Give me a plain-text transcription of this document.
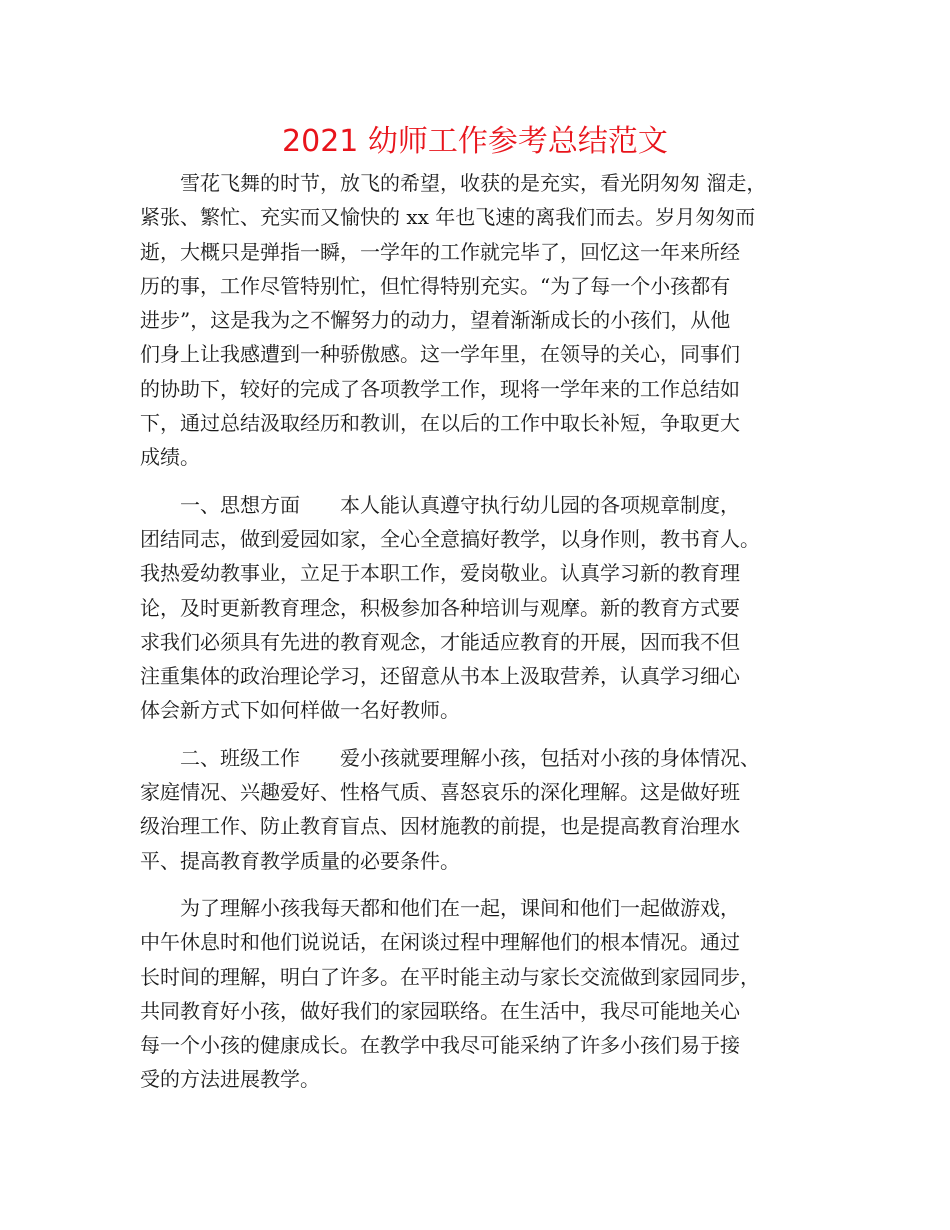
2021 幼师工作参考总结范文
　　雪花飞舞的时节，放飞的希望，收获的是充实，看光阴匆匆 溜走，
紧张、繁忙、充实而又愉快的 xx 年也飞速的离我们而去。岁月匆匆而
逝，大概只是弹指一瞬，一学年的工作就完毕了，回忆这一年来所经
历的事，工作尽管特别忙，但忙得特别充实。“为了每一个小孩都有
进步”，这是我为之不懈努力的动力，望着渐渐成长的小孩们，从他
们身上让我感遭到一种骄傲感。这一学年里，在领导的关心，同事们
的协助下，较好的完成了各项教学工作，现将一学年来的工作总结如
下，通过总结汲取经历和教训，在以后的工作中取长补短，争取更大
成绩。
　　一、思想方面　　本人能认真遵守执行幼儿园的各项规章制度，
团结同志，做到爱园如家，全心全意搞好教学，以身作则，教书育人。
我热爱幼教事业，立足于本职工作，爱岗敬业。认真学习新的教育理
论，及时更新教育理念，积极参加各种培训与观摩。新的教育方式要
求我们必须具有先进的教育观念，才能适应教育的开展，因而我不但
注重集体的政治理论学习，还留意从书本上汲取营养，认真学习细心
体会新方式下如何样做一名好教师。
　　二、班级工作　　爱小孩就要理解小孩，包括对小孩的身体情况、
家庭情况、兴趣爱好、性格气质、喜怒哀乐的深化理解。这是做好班
级治理工作、防止教育盲点、因材施教的前提，也是提高教育治理水
平、提高教育教学质量的必要条件。
　　为了理解小孩我每天都和他们在一起，课间和他们一起做游戏，
中午休息时和他们说说话，在闲谈过程中理解他们的根本情况。通过
长时间的理解，明白了许多。在平时能主动与家长交流做到家园同步，
共同教育好小孩，做好我们的家园联络。在生活中，我尽可能地关心
每一个小孩的健康成长。在教学中我尽可能采纳了许多小孩们易于接
受的方法进展教学。
